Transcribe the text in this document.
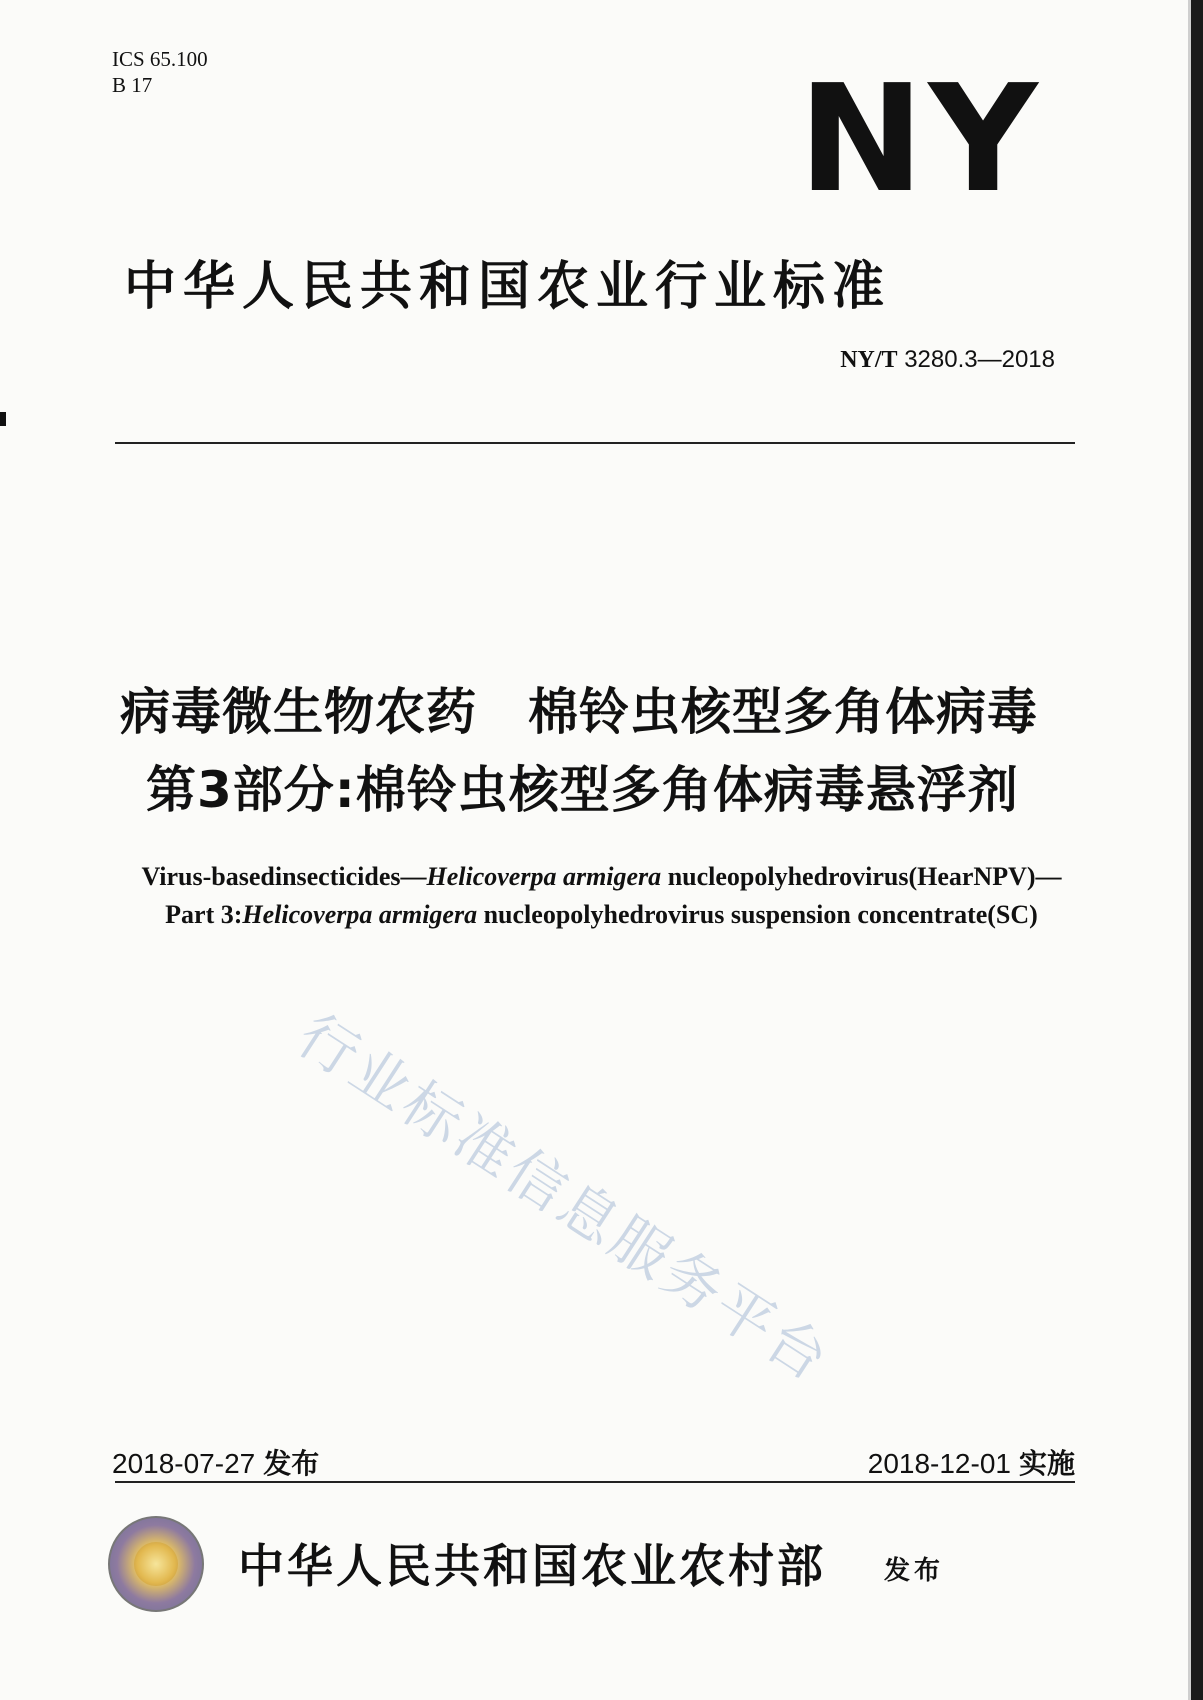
ICS 65.100
B 17	NY
中华人民共和国农业行业标准
NY/T 3280.3—2018
病毒微生物农药　棉铃虫核型多角体病毒
第3部分:棉铃虫核型多角体病毒悬浮剂
Virus-basedinsecticides—Helicoverpa armigera nucleopolyhedrovirus(HearNPV)—
Part 3:Helicoverpa armigera nucleopolyhedrovirus suspension concentrate(SC)
行业标准信息服务平台
2018-07-27 发布	2018-12-01 实施
中华人民共和国农业农村部 发布
